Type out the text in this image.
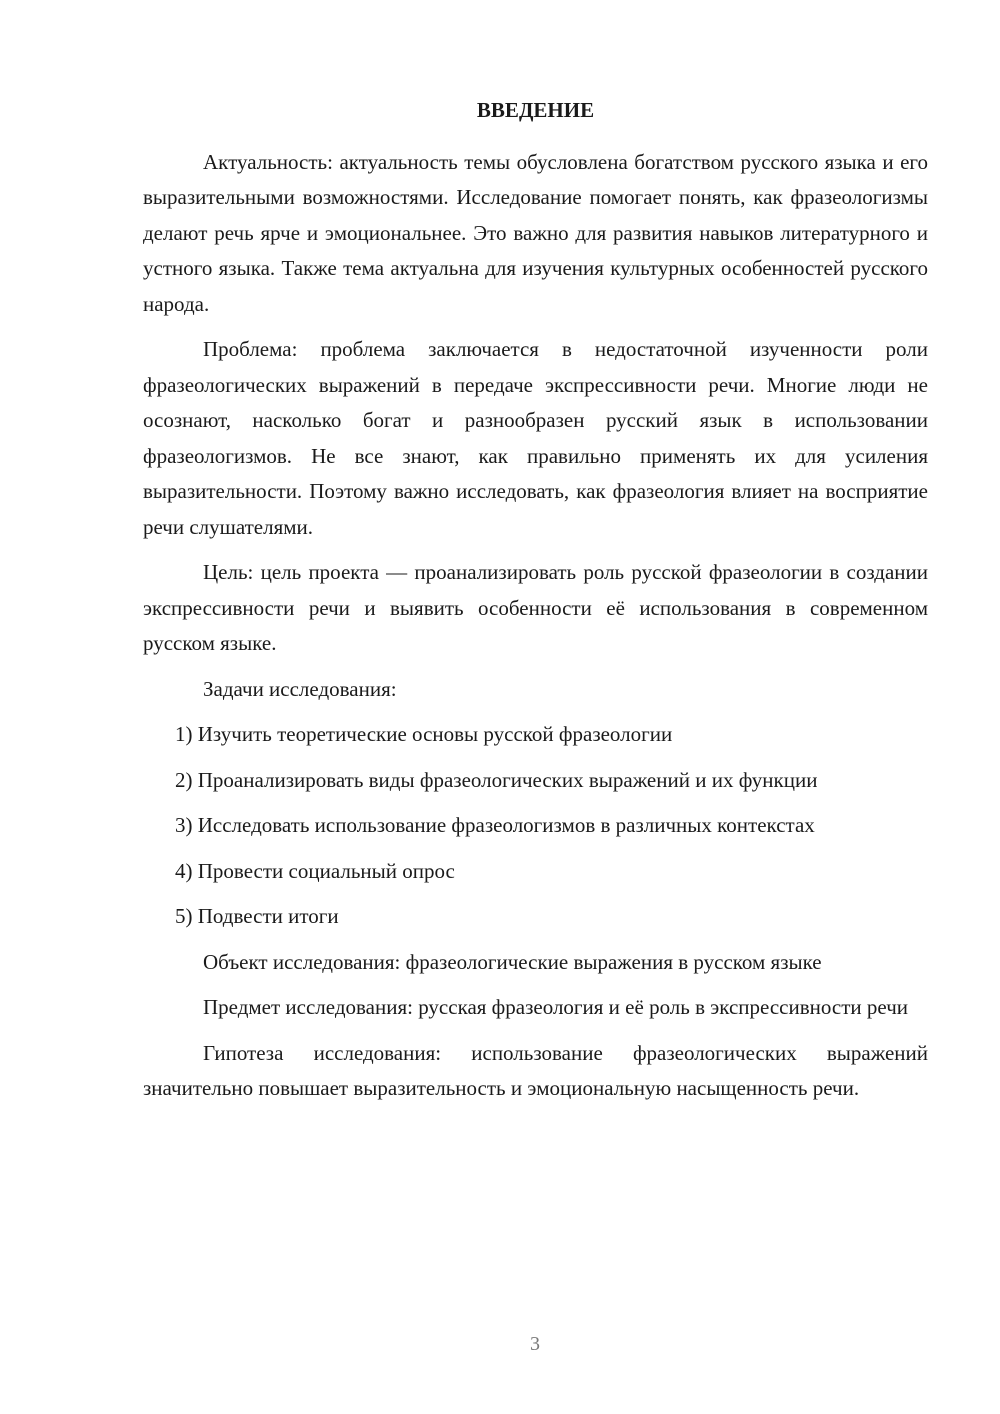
ВВЕДЕНИЕ

Актуальность: актуальность темы обусловлена богатством русского языка и его выразительными возможностями. Исследование помогает понять, как фразеологизмы делают речь ярче и эмоциональнее. Это важно для развития навыков литературного и устного языка. Также тема актуальна для изучения культурных особенностей русского народа.

Проблема: проблема заключается в недостаточной изученности роли фразеологических выражений в передаче экспрессивности речи. Многие люди не осознают, насколько богат и разнообразен русский язык в использовании фразеологизмов. Не все знают, как правильно применять их для усиления выразительности. Поэтому важно исследовать, как фразеология влияет на восприятие речи слушателями.

Цель: цель проекта — проанализировать роль русской фразеологии в создании экспрессивности речи и выявить особенности её использования в современном русском языке.

Задачи исследования:

1) Изучить теоретические основы русской фразеологии

2) Проанализировать виды фразеологических выражений и их функции

3) Исследовать использование фразеологизмов в различных контекстах

4) Провести социальный опрос

5) Подвести итоги

Объект исследования: фразеологические выражения в русском языке

Предмет исследования: русская фразеология и её роль в экспрессивности речи

Гипотеза исследования: использование фразеологических выражений значительно повышает выразительность и эмоциональную насыщенность речи.

3
